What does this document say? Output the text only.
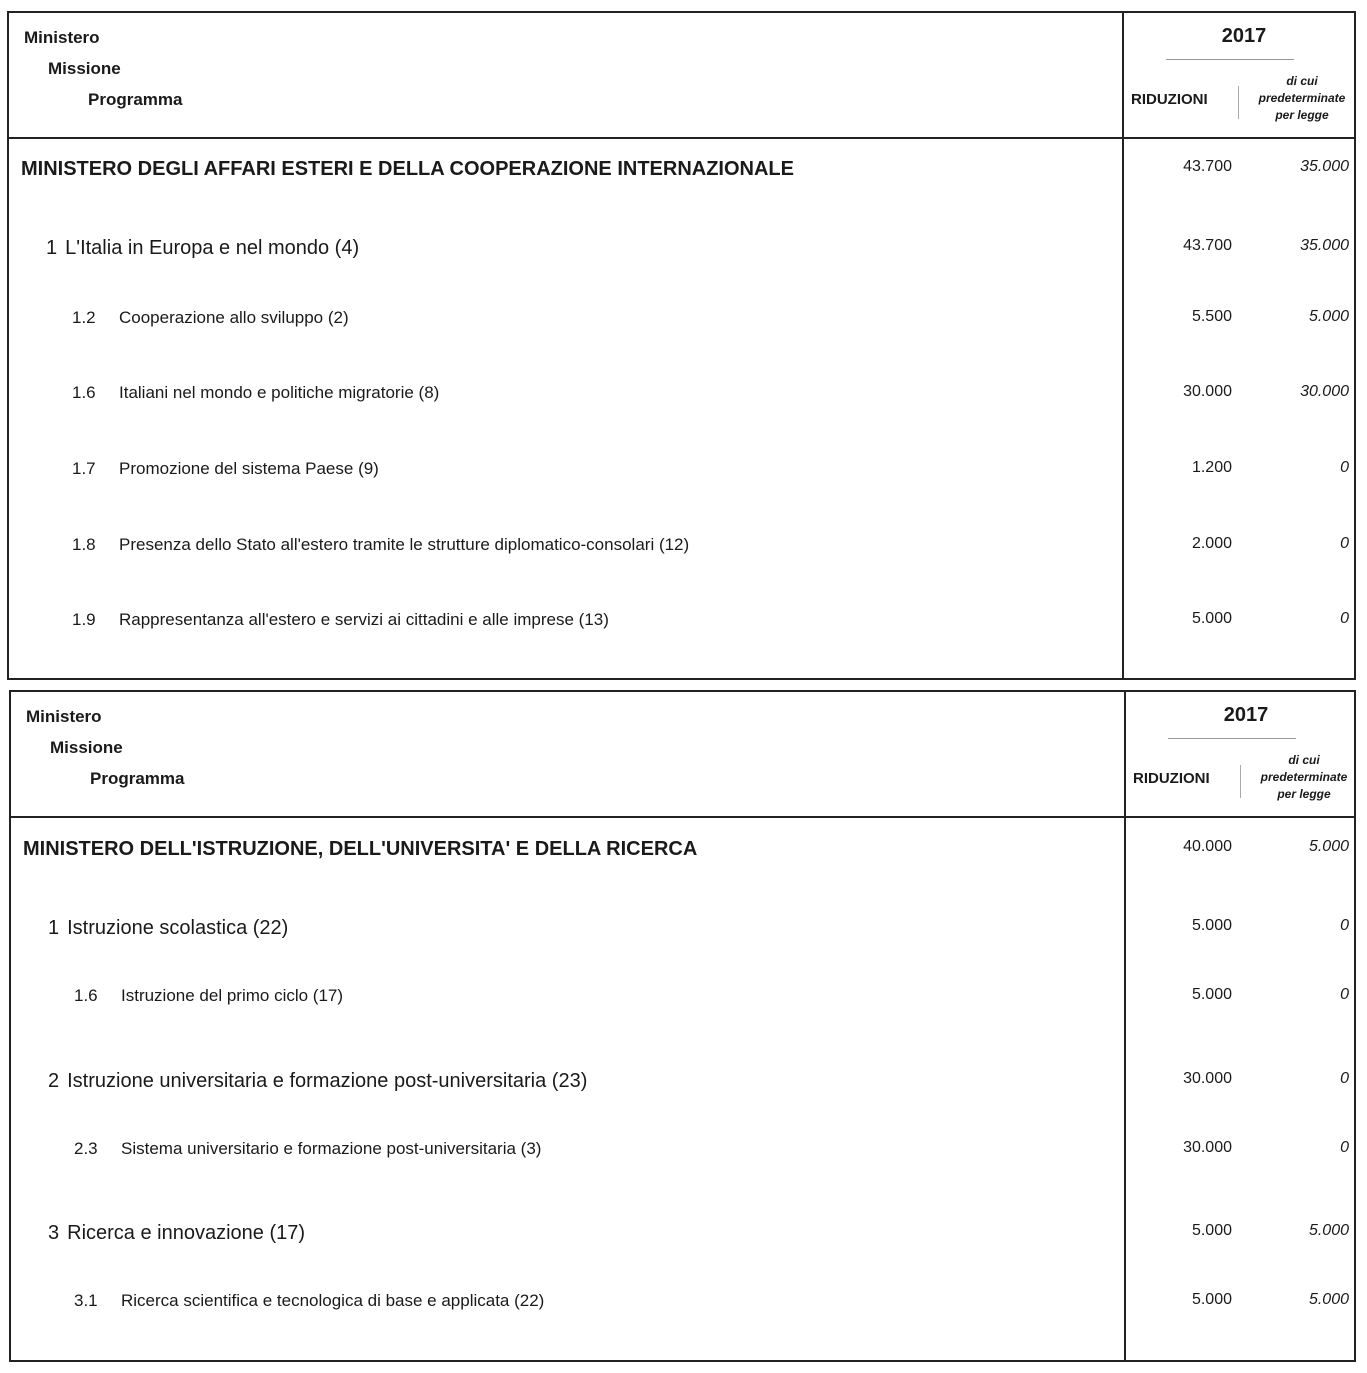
Ministero
Missione
Programma
2017
RIDUZIONI
di cui
predeterminate
per legge
MINISTERO DEGLI AFFARI ESTERI E DELLA COOPERAZIONE INTERNAZIONALE	43.700	35.000
1 L'Italia in Europa e nel mondo (4)	43.700	35.000
1.2 Cooperazione allo sviluppo (2)	5.500	5.000
1.6 Italiani nel mondo e politiche migratorie (8)	30.000	30.000
1.7 Promozione del sistema Paese (9)	1.200	0
1.8 Presenza dello Stato all'estero tramite le strutture diplomatico-consolari (12)	2.000	0
1.9 Rappresentanza all'estero e servizi ai cittadini e alle imprese (13)	5.000	0
Ministero
Missione
Programma
2017
RIDUZIONI
di cui
predeterminate
per legge
MINISTERO DELL'ISTRUZIONE, DELL'UNIVERSITA' E DELLA RICERCA	40.000	5.000
1 Istruzione scolastica (22)	5.000	0
1.6 Istruzione del primo ciclo (17)	5.000	0
2 Istruzione universitaria e formazione post-universitaria (23)	30.000	0
2.3 Sistema universitario e formazione post-universitaria (3)	30.000	0
3 Ricerca e innovazione (17)	5.000	5.000
3.1 Ricerca scientifica e tecnologica di base e applicata (22)	5.000	5.000
